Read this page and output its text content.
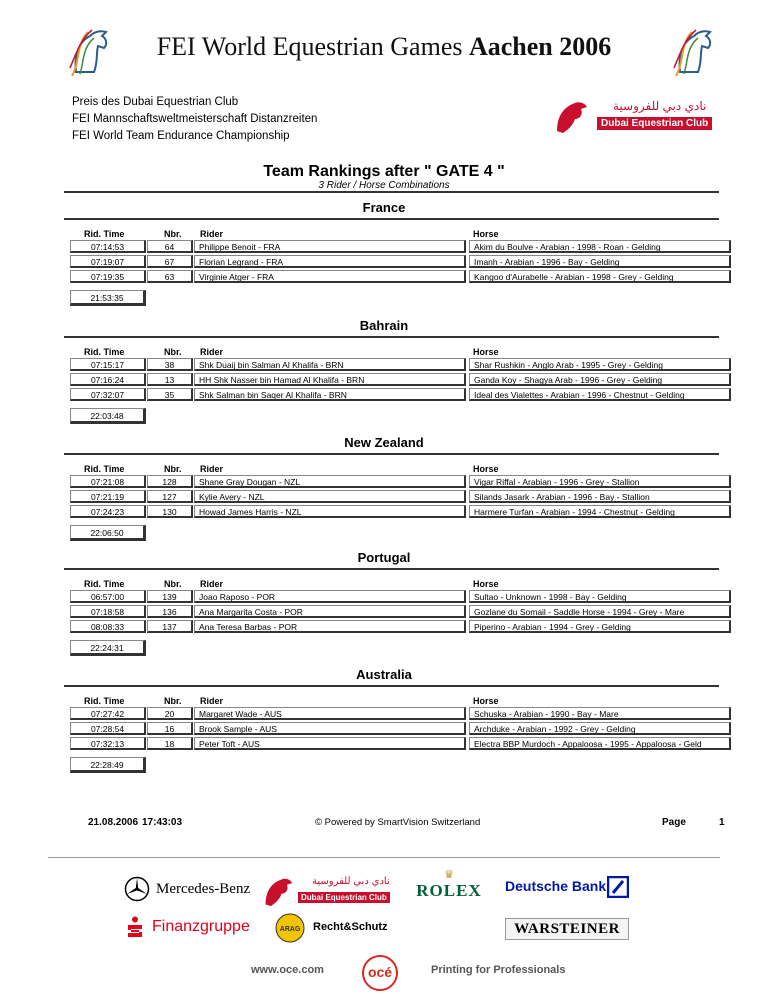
FEI World Equestrian Games Aachen 2006
Preis des Dubai Equestrian Club
FEI Mannschaftsweltmeisterschaft Distanzreiten
FEI World Team Endurance Championship
نادي دبي للفروسية
Dubai Equestrian Club
Team Rankings after " GATE 4 "
3 Rider / Horse Combinations
France
Rid. Time	Nbr. Rider	Horse
07:14:53	64	Philippe Benoit - FRA	Akim du Boulve - Arabian - 1998 - Roan - Gelding
07:19:07	67	Florian Legrand - FRA	Imanh - Arabian - 1996 - Bay - Gelding
07:19:35	63	Virginie Atger - FRA	Kangoo d'Aurabelle - Arabian - 1998 - Grey - Gelding
21:53:35
Bahrain
Rid. Time	Nbr. Rider	Horse
07:15:17	38	Shk Duaij bin Salman Al Khalifa - BRN	Shar Rushkin - Anglo Arab - 1995 - Grey - Gelding
07:16:24	13	HH Shk Nasser bin Hamad Al Khalifa - BRN	Ganda Koy - Shagya Arab - 1996 - Grey - Gelding
07:32:07	35	Shk Salman bin Saqer Al Khalifa - BRN	Ideal des Vialettes - Arabian - 1996 - Chestnut - Gelding
22:03:48
New Zealand
Rid. Time	Nbr. Rider	Horse
07:21:08	128	Shane Gray Dougan - NZL	Vigar Riffal - Arabian - 1996 - Grey - Stallion
07:21:19	127	Kylie Avery - NZL	Silands Jasark - Arabian - 1996 - Bay - Stallion
07:24:23	130	Howad James Harris - NZL	Harmere Turfan - Arabian - 1994 - Chestnut - Gelding
22:06:50
Portugal
Rid. Time	Nbr. Rider	Horse
06:57:00	139	Joao Raposo - POR	Sultao - Unknown - 1998 - Bay - Gelding
07:18:58	136	Ana Margarita Costa - POR	Gozlane du Somail - Saddle Horse - 1994 - Grey - Mare
08:08:33	137	Ana Teresa Barbas - POR	Piperino - Arabian - 1994 - Grey - Gelding
22:24:31
Australia
Rid. Time	Nbr. Rider	Horse
07:27:42	20	Margaret Wade - AUS	Schuska - Arabian - 1990 - Bay - Mare
07:28:54	16	Brook Sample - AUS	Archduke - Arabian - 1992 - Grey - Gelding
07:32:13	18	Peter Toft - AUS	Electra BBP Murdoch - Appaloosa - 1995 - Appaloosa - Geld
22:28:49
21.08.2006 17:43:03	© Powered by SmartVision Switzerland	Page	1
Mercedes-Benz	نادي دبي للفروسية
Dubai Equestrian Club
♛
ROLEX Deutsche Bank
Finanzgruppe	ARAG Recht&Schutz	WARSTEINER
www.oce.com	océ	Printing for Professionals
